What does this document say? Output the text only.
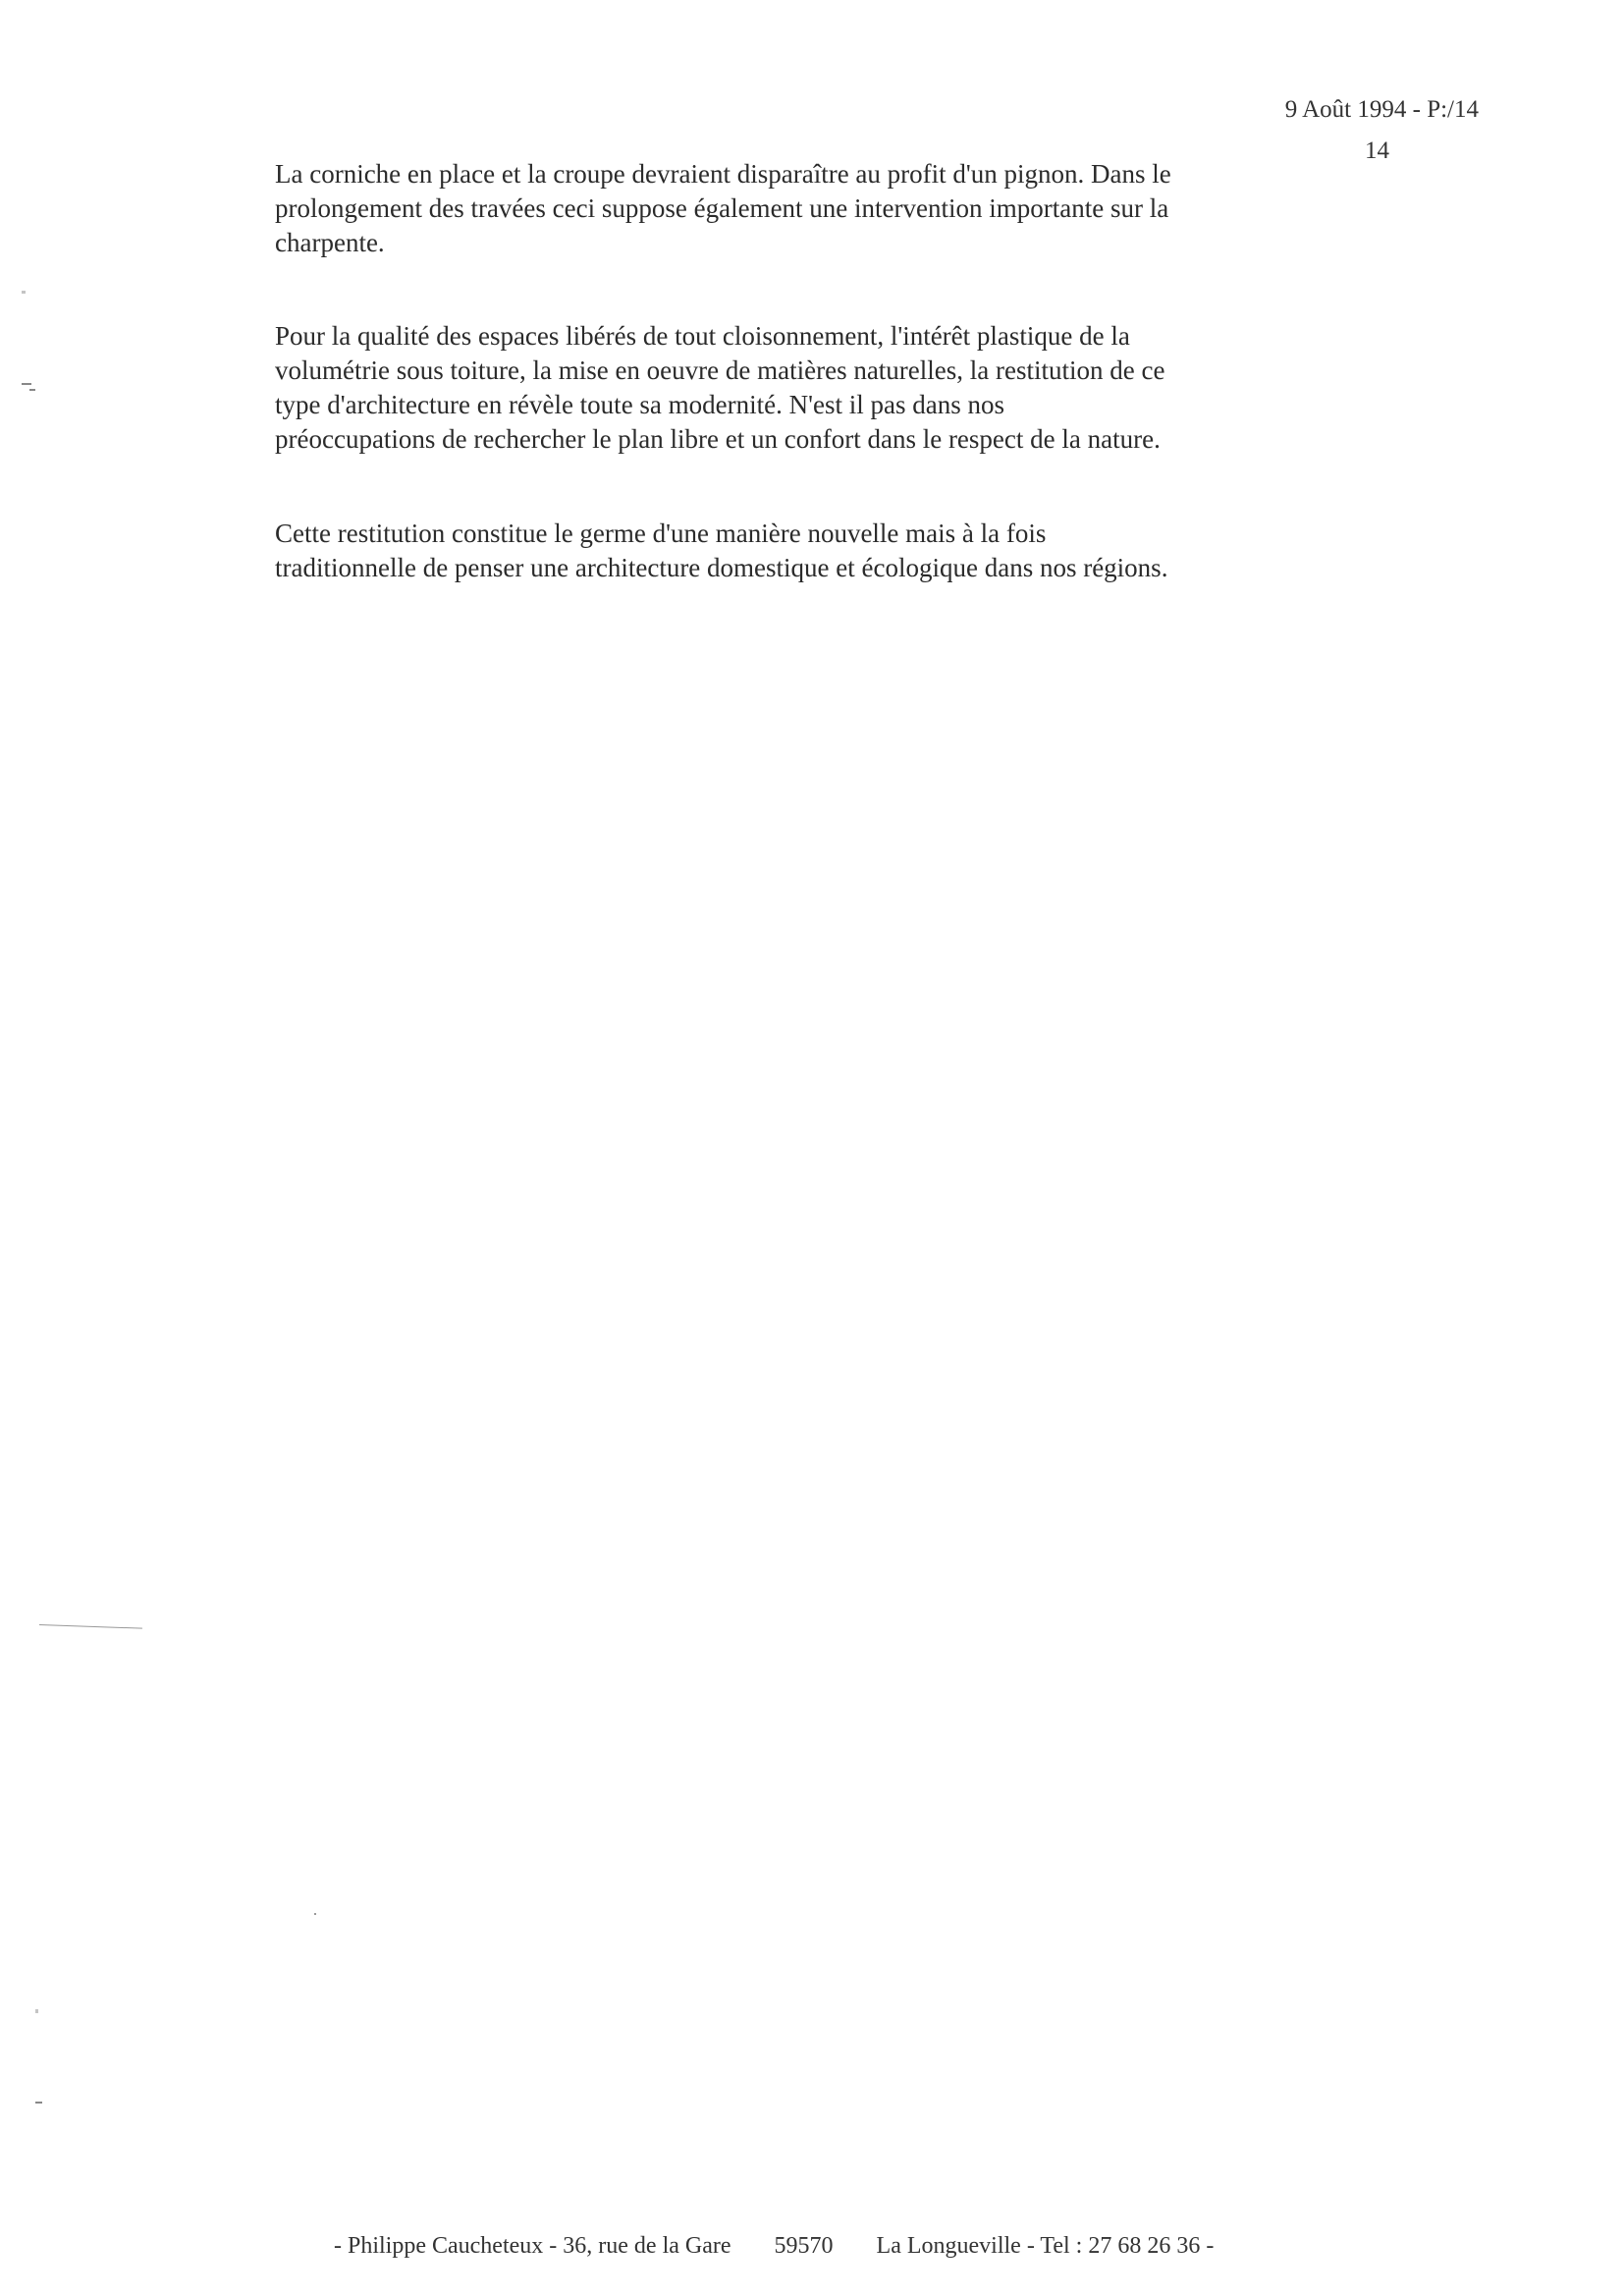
9 Août 1994 - P:/14
14

La corniche en place et la croupe devraient disparaître au profit d'un pignon. Dans le
prolongement des travées ceci suppose également une intervention importante sur la
charpente.

Pour la qualité des espaces libérés de tout cloisonnement, l'intérêt plastique de la
volumétrie sous toiture, la mise en oeuvre de matières naturelles, la restitution de ce
type d'architecture en révèle toute sa modernité. N'est il pas dans nos
préoccupations de rechercher le plan libre et un confort dans le respect de la nature.

Cette restitution constitue le germe d'une manière nouvelle mais à la fois
traditionnelle de penser une architecture domestique et écologique dans nos régions.

- Philippe Caucheteux - 36, rue de la Gare 59570 La Longueville - Tel : 27 68 26 36 -
